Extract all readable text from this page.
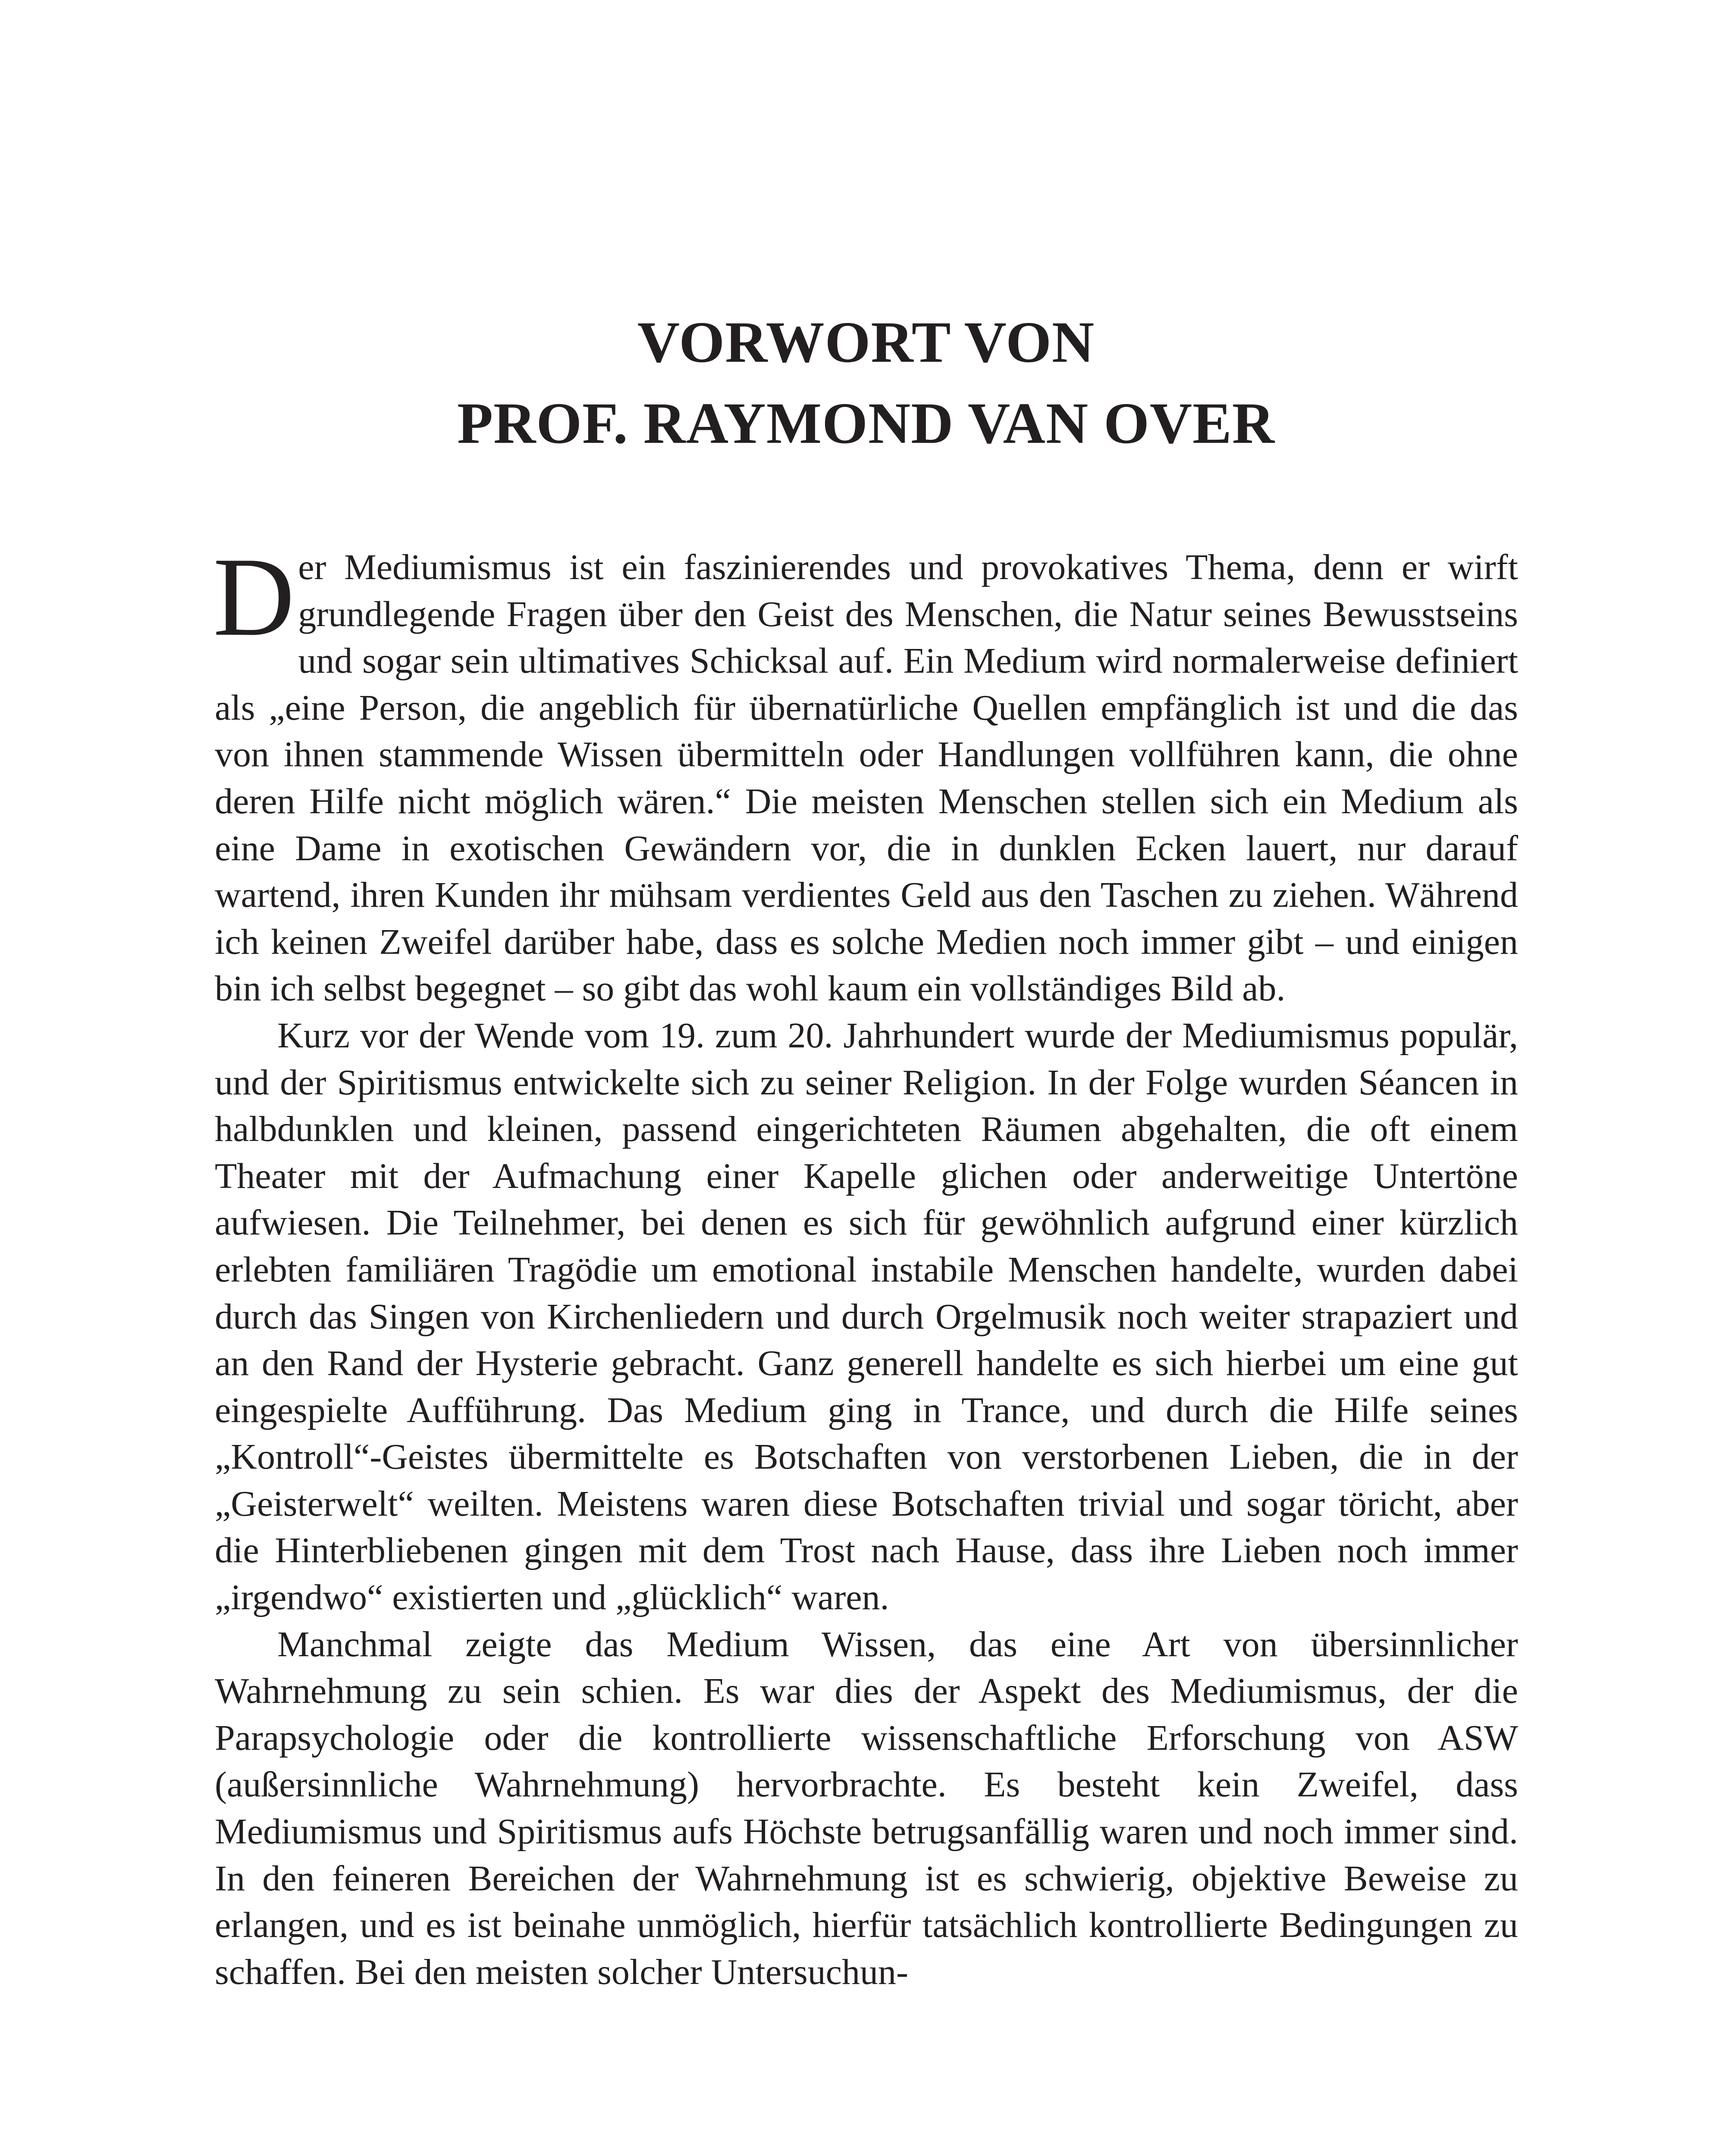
VORWORT VON
PROF. RAYMOND VAN OVER

Der Mediumismus ist ein faszinierendes und provokatives Thema, denn er wirft grundlegende Fragen über den Geist des Menschen, die Natur seines Bewusstseins und sogar sein ultimatives Schicksal auf. Ein Medium wird normalerweise definiert als „eine Person, die angeblich für übernatürliche Quellen empfänglich ist und die das von ihnen stammende Wissen übermitteln oder Handlungen vollführen kann, die ohne deren Hilfe nicht möglich wären.“ Die meisten Menschen stellen sich ein Medium als eine Dame in exotischen Gewändern vor, die in dunklen Ecken lauert, nur darauf wartend, ihren Kunden ihr mühsam verdientes Geld aus den Taschen zu ziehen. Während ich keinen Zweifel darüber habe, dass es solche Medien noch immer gibt – und einigen bin ich selbst begegnet – so gibt das wohl kaum ein vollständiges Bild ab.

Kurz vor der Wende vom 19. zum 20. Jahrhundert wurde der Mediumismus populär, und der Spiritismus entwickelte sich zu seiner Religion. In der Folge wurden Séancen in halbdunklen und kleinen, passend eingerichteten Räumen abgehalten, die oft einem Theater mit der Aufmachung einer Kapelle glichen oder anderweitige Untertöne aufwiesen. Die Teilnehmer, bei denen es sich für gewöhnlich aufgrund einer kürzlich erlebten familiären Tragödie um emotional instabile Menschen handelte, wurden dabei durch das Singen von Kirchenliedern und durch Orgelmusik noch weiter strapaziert und an den Rand der Hysterie gebracht. Ganz generell handelte es sich hierbei um eine gut eingespielte Aufführung. Das Medium ging in Trance, und durch die Hilfe seines „Kontroll“-Geistes übermittelte es Botschaften von verstorbenen Lieben, die in der „Geisterwelt“ weilten. Meistens waren diese Botschaften trivial und sogar töricht, aber die Hinterbliebenen gingen mit dem Trost nach Hause, dass ihre Lieben noch immer „irgendwo“ existierten und „glücklich“ waren.

Manchmal zeigte das Medium Wissen, das eine Art von übersinnlicher Wahrnehmung zu sein schien. Es war dies der Aspekt des Mediumismus, der die Parapsychologie oder die kontrollierte wissenschaftliche Erforschung von ASW (außersinnliche Wahrnehmung) hervorbrachte. Es besteht kein Zweifel, dass Mediumismus und Spiritismus aufs Höchste betrugsanfällig waren und noch immer sind. In den feineren Bereichen der Wahrnehmung ist es schwierig, objektive Beweise zu erlangen, und es ist beinahe unmöglich, hierfür tatsächlich kontrollierte Bedingungen zu schaffen. Bei den meisten solcher Untersuchun-
